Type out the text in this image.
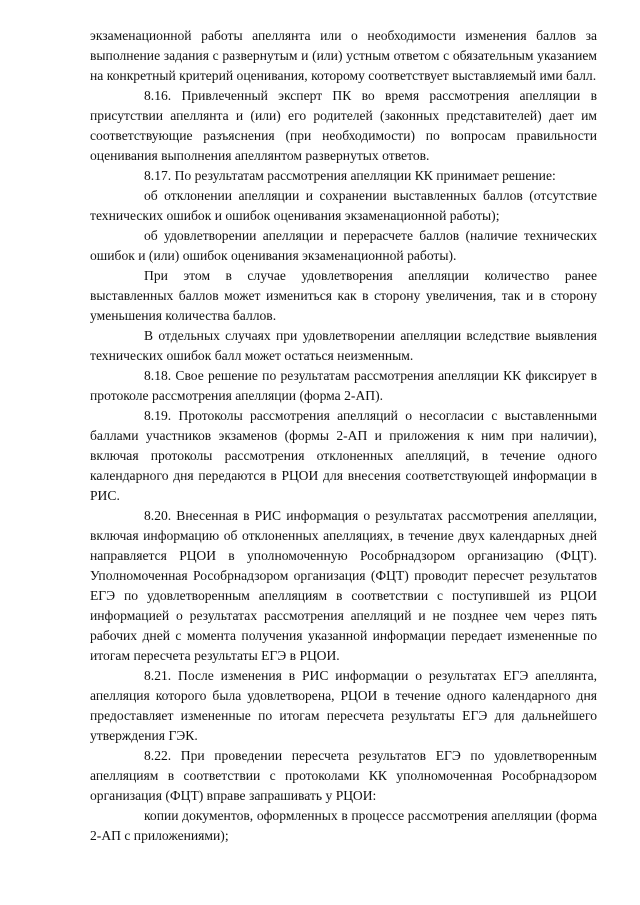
экзаменационной работы апеллянта или о необходимости изменения баллов за выполнение задания с развернутым и (или) устным ответом с обязательным указанием на конкретный критерий оценивания, которому соответствует выставляемый ими балл.

8.16. Привлеченный эксперт ПК во время рассмотрения апелляции в присутствии апеллянта и (или) его родителей (законных представителей) дает им соответствующие разъяснения (при необходимости) по вопросам правильности оценивания выполнения апеллянтом развернутых ответов.

8.17. По результатам рассмотрения апелляции КК принимает решение:

об отклонении апелляции и сохранении выставленных баллов (отсутствие технических ошибок и ошибок оценивания экзаменационной работы);

об удовлетворении апелляции и перерасчете баллов (наличие технических ошибок и (или) ошибок оценивания экзаменационной работы).

При этом в случае удовлетворения апелляции количество ранее выставленных баллов может измениться как в сторону увеличения, так и в сторону уменьшения количества баллов.

В отдельных случаях при удовлетворении апелляции вследствие выявления технических ошибок балл может остаться неизменным.

8.18. Свое решение по результатам рассмотрения апелляции КК фиксирует в протоколе рассмотрения апелляции (форма 2-АП).

8.19. Протоколы рассмотрения апелляций о несогласии с выставленными баллами участников экзаменов (формы 2-АП и приложения к ним при наличии), включая протоколы рассмотрения отклоненных апелляций, в течение одного календарного дня передаются в РЦОИ для внесения соответствующей информации в РИС.

8.20. Внесенная в РИС информация о результатах рассмотрения апелляции, включая информацию об отклоненных апелляциях, в течение двух календарных дней направляется РЦОИ в уполномоченную Рособрнадзором организацию (ФЦТ). Уполномоченная Рособрнадзором организация (ФЦТ) проводит пересчет результатов ЕГЭ по удовлетворенным апелляциям в соответствии с поступившей из РЦОИ информацией о результатах рассмотрения апелляций и не позднее чем через пять рабочих дней с момента получения указанной информации передает измененные по итогам пересчета результаты ЕГЭ в РЦОИ.

8.21. После изменения в РИС информации о результатах ЕГЭ апеллянта, апелляция которого была удовлетворена, РЦОИ в течение одного календарного дня предоставляет измененные по итогам пересчета результаты ЕГЭ для дальнейшего утверждения ГЭК.

8.22. При проведении пересчета результатов ЕГЭ по удовлетворенным апелляциям в соответствии с протоколами КК уполномоченная Рособрнадзором организация (ФЦТ) вправе запрашивать у РЦОИ:

копии документов, оформленных в процессе рассмотрения апелляции (форма 2-АП с приложениями);
